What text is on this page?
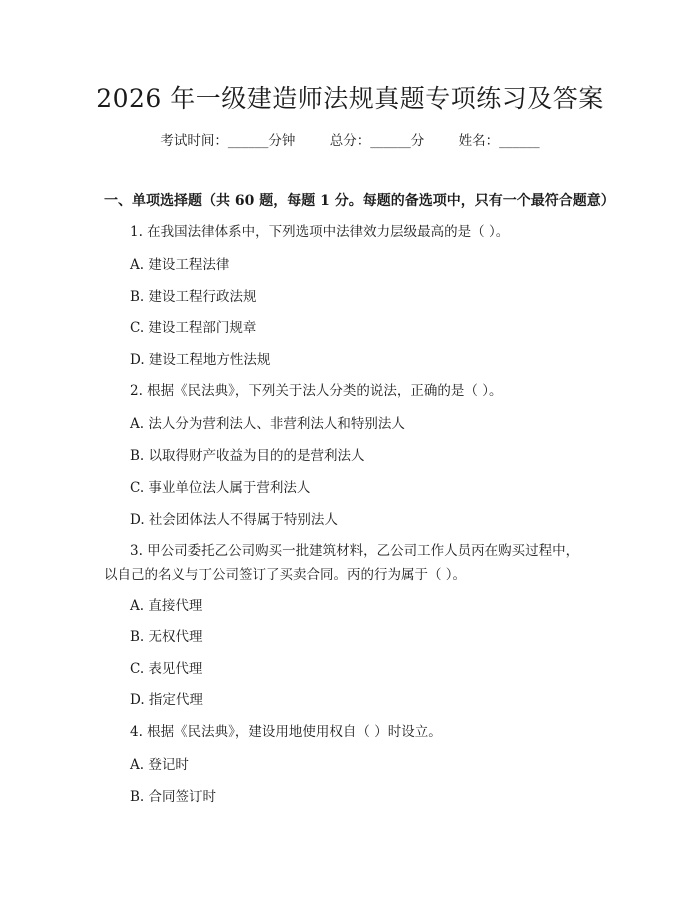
2026 年一级建造师法规真题专项练习及答案
考试时间：______分钟	总分：______分	姓名：______
一、单项选择题（共 60 题，每题 1 分。每题的备选项中，只有一个最符合题意）
1. 在我国法律体系中，下列选项中法律效力层级最高的是（ ）。
A. 建设工程法律
B. 建设工程行政法规
C. 建设工程部门规章
D. 建设工程地方性法规
2. 根据《民法典》，下列关于法人分类的说法，正确的是（ ）。
A. 法人分为营利法人、非营利法人和特别法人
B. 以取得财产收益为目的的是营利法人
C. 事业单位法人属于营利法人
D. 社会团体法人不得属于特别法人
3. 甲公司委托乙公司购买一批建筑材料，乙公司工作人员丙在购买过程中，
以自己的名义与丁公司签订了买卖合同。丙的行为属于（ ）。
A. 直接代理
B. 无权代理
C. 表见代理
D. 指定代理
4. 根据《民法典》，建设用地使用权自（ ）时设立。
A. 登记时
B. 合同签订时
